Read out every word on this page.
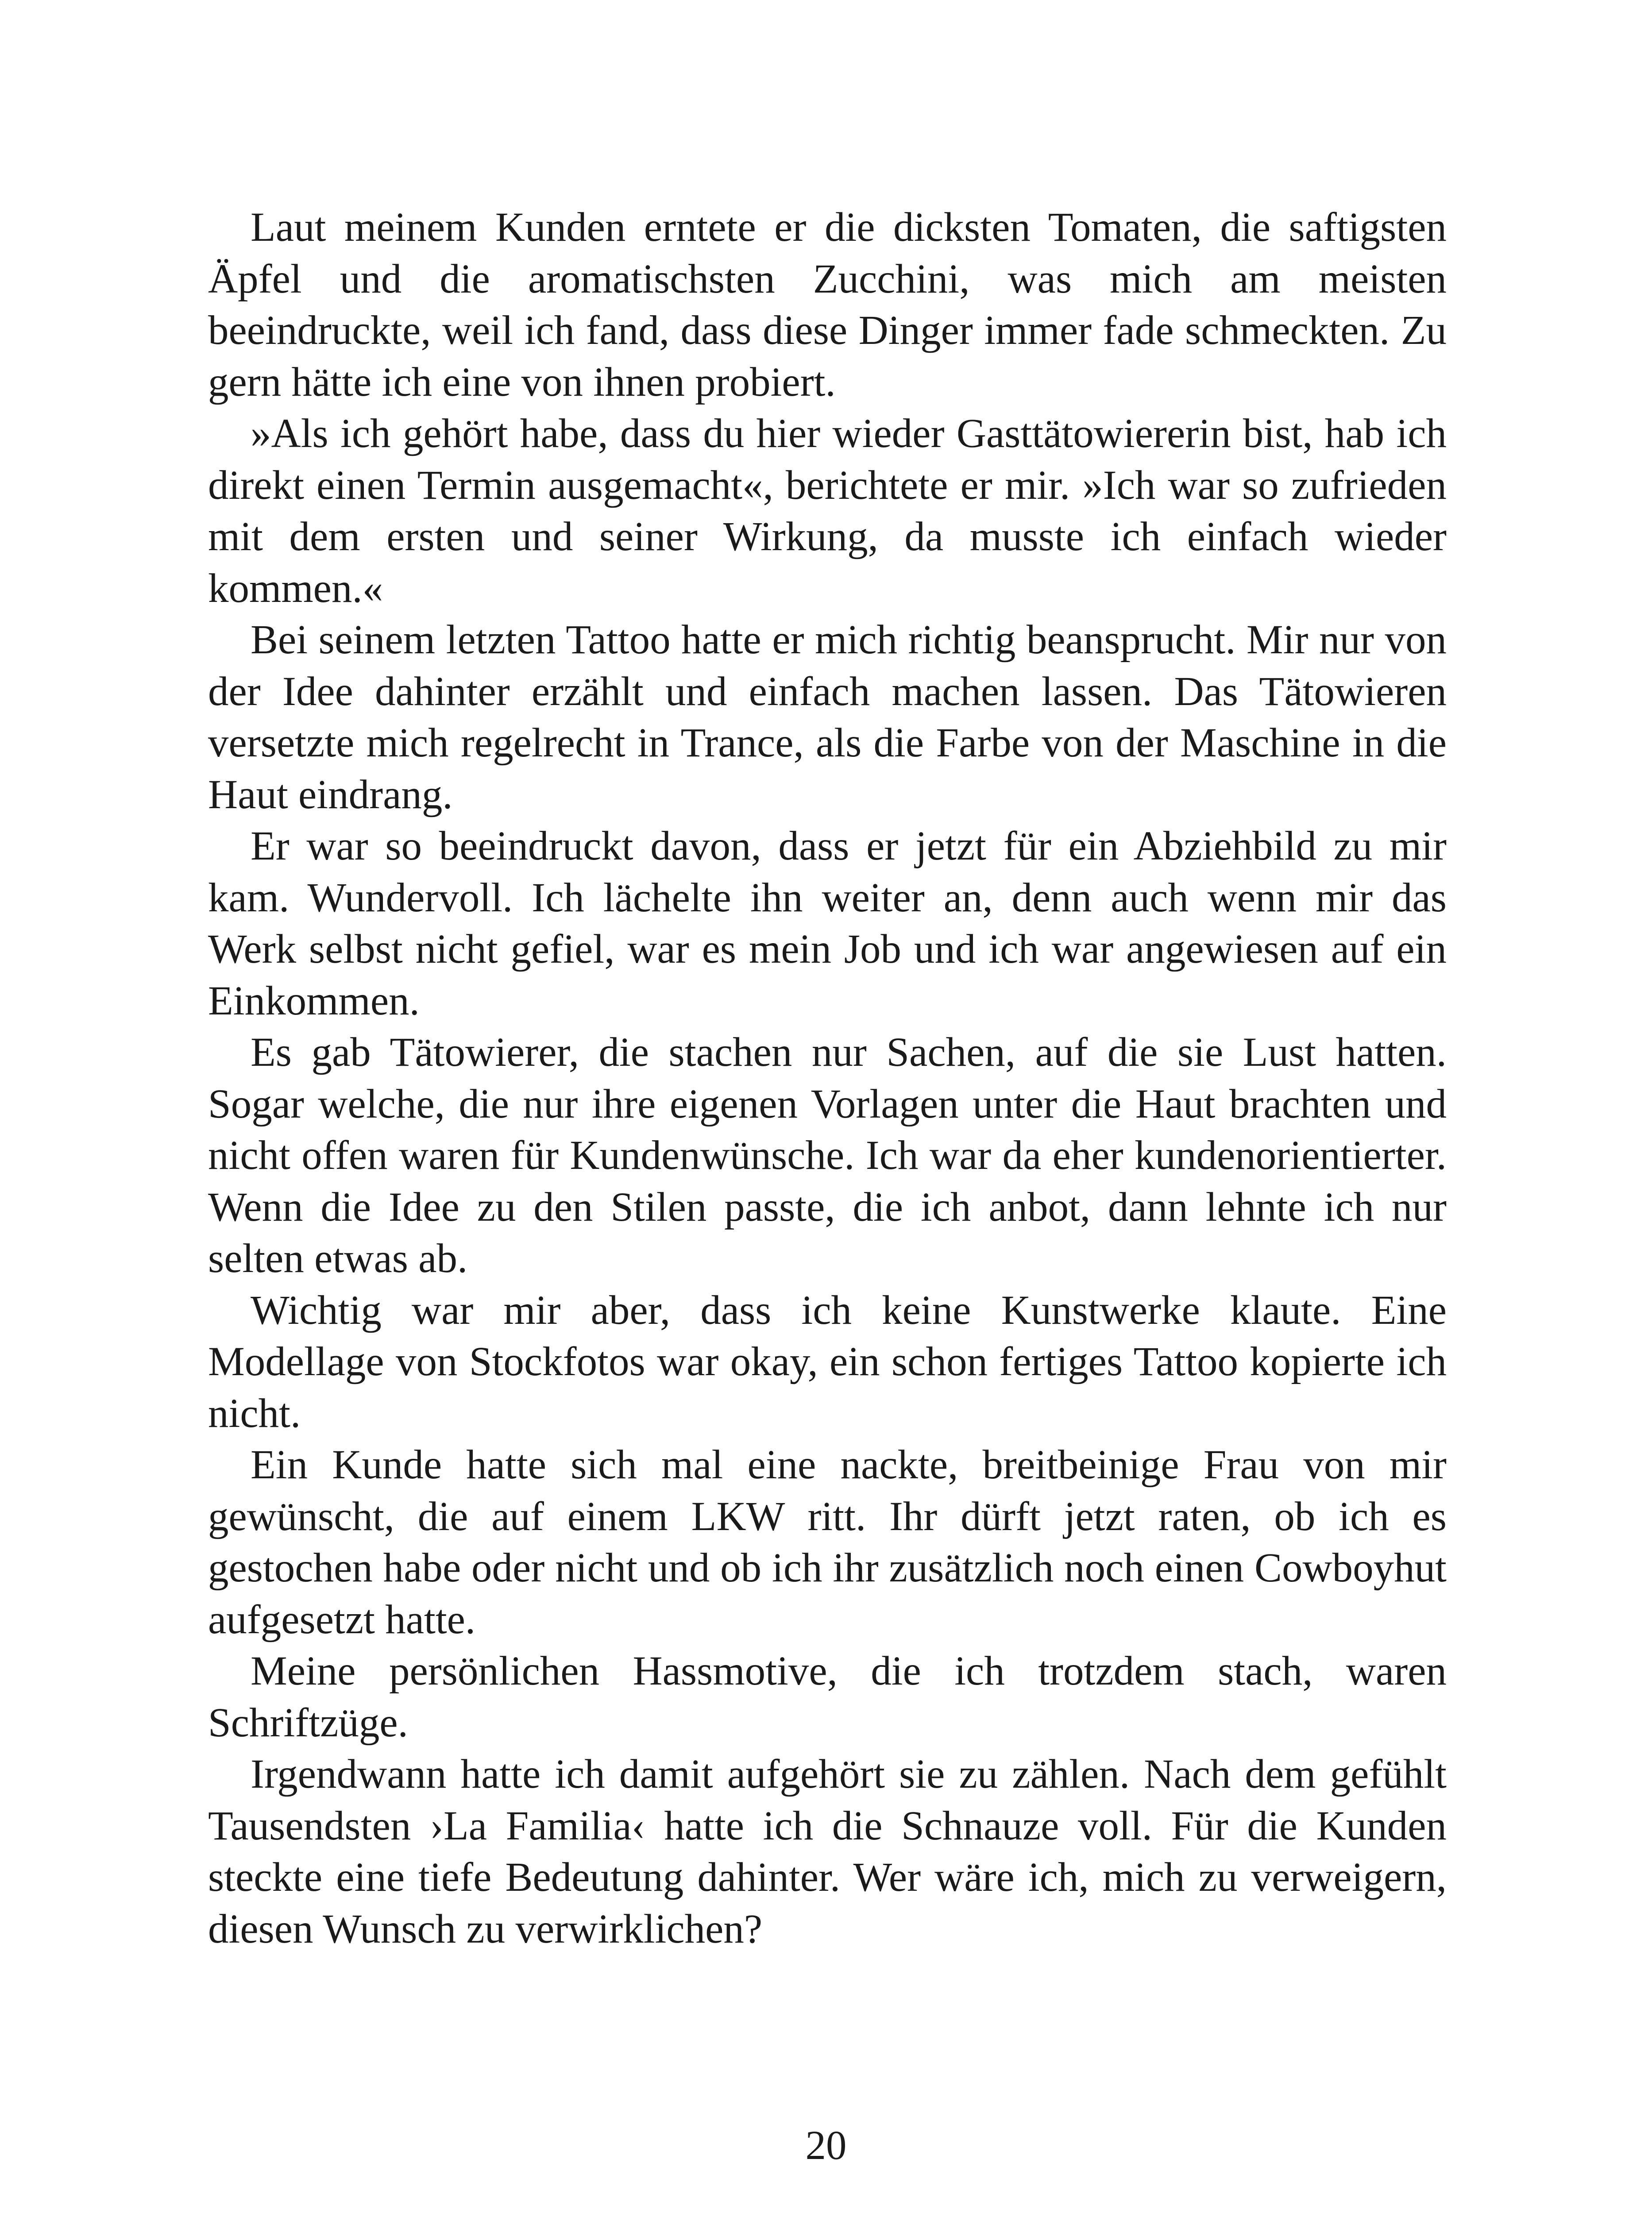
Laut meinem Kunden erntete er die dicksten Tomaten, die saftigsten Äpfel und die aromatischsten Zucchini, was mich am meisten beeindruckte, weil ich fand, dass diese Dinger immer fade schmeckten. Zu gern hätte ich eine von ihnen probiert.

»Als ich gehört habe, dass du hier wieder Gasttätowiererin bist, hab ich direkt einen Termin ausgemacht«, berichtete er mir. »Ich war so zufrieden mit dem ersten und seiner Wirkung, da musste ich einfach wieder kommen.«

Bei seinem letzten Tattoo hatte er mich richtig beansprucht. Mir nur von der Idee dahinter erzählt und einfach machen lassen. Das Tätowieren versetzte mich regelrecht in Trance, als die Farbe von der Maschine in die Haut eindrang.

Er war so beeindruckt davon, dass er jetzt für ein Abziehbild zu mir kam. Wundervoll. Ich lächelte ihn weiter an, denn auch wenn mir das Werk selbst nicht gefiel, war es mein Job und ich war angewiesen auf ein Einkommen.

Es gab Tätowierer, die stachen nur Sachen, auf die sie Lust hatten. Sogar welche, die nur ihre eigenen Vorlagen unter die Haut brachten und nicht offen waren für Kundenwünsche. Ich war da eher kundenorientierter. Wenn die Idee zu den Stilen passte, die ich anbot, dann lehnte ich nur selten etwas ab.

Wichtig war mir aber, dass ich keine Kunstwerke klaute. Eine Modellage von Stockfotos war okay, ein schon fertiges Tattoo kopierte ich nicht.

Ein Kunde hatte sich mal eine nackte, breitbeinige Frau von mir gewünscht, die auf einem LKW ritt. Ihr dürft jetzt raten, ob ich es gestochen habe oder nicht und ob ich ihr zusätzlich noch einen Cowboyhut aufgesetzt hatte.

Meine persönlichen Hassmotive, die ich trotzdem stach, waren Schriftzüge.

Irgendwann hatte ich damit aufgehört sie zu zählen. Nach dem gefühlt Tausendsten ›La Familia‹ hatte ich die Schnauze voll. Für die Kunden steckte eine tiefe Bedeutung dahinter. Wer wäre ich, mich zu verweigern, diesen Wunsch zu verwirklichen?

20
